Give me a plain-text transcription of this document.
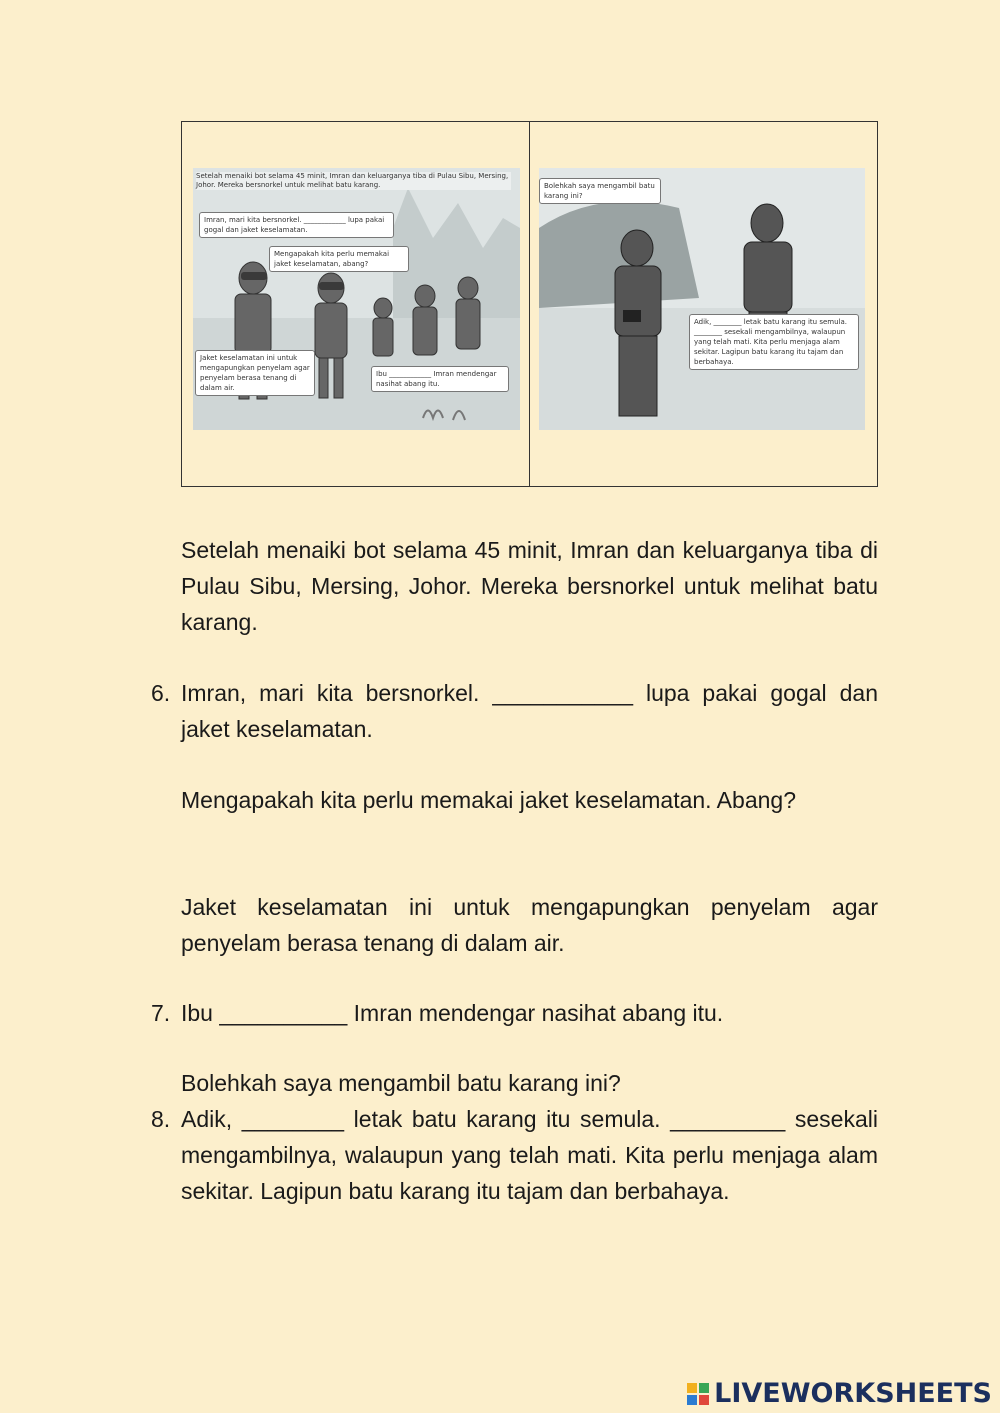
Setelah menaiki bot selama 45 minit, Imran dan keluarganya tiba di Pulau Sibu, Mersing, Johor. Mereka bersnorkel untuk melihat batu karang.
Imran, mari kita bersnorkel. ____________ lupa pakai gogal dan jaket keselamatan.
Mengapakah kita perlu memakai jaket keselamatan, abang?
Jaket keselamatan ini untuk mengapungkan penyelam agar penyelam berasa tenang di dalam air.
Ibu ____________ Imran mendengar nasihat abang itu.
Bolehkah saya mengambil batu karang ini?
Adik, ________ letak batu karang itu semula. ________ sesekali mengambilnya, walaupun yang telah mati. Kita perlu menjaga alam sekitar. Lagipun batu karang itu tajam dan berbahaya.

Setelah menaiki bot selama 45 minit, Imran dan keluarganya tiba di Pulau Sibu, Mersing, Johor. Mereka bersnorkel untuk melihat batu karang.

6. Imran, mari kita bersnorkel. ___________ lupa pakai gogal dan jaket keselamatan.

Mengapakah kita perlu memakai jaket keselamatan. Abang?

Jaket keselamatan ini untuk mengapungkan penyelam agar penyelam berasa tenang di dalam air.

7. Ibu __________ Imran mendengar nasihat abang itu.

Bolehkah saya mengambil batu karang ini?

8. Adik, ________ letak batu karang itu semula. _________ sesekali mengambilnya, walaupun yang telah mati. Kita perlu menjaga alam sekitar. Lagipun batu karang itu tajam dan berbahaya.

LIVEWORKSHEETS
